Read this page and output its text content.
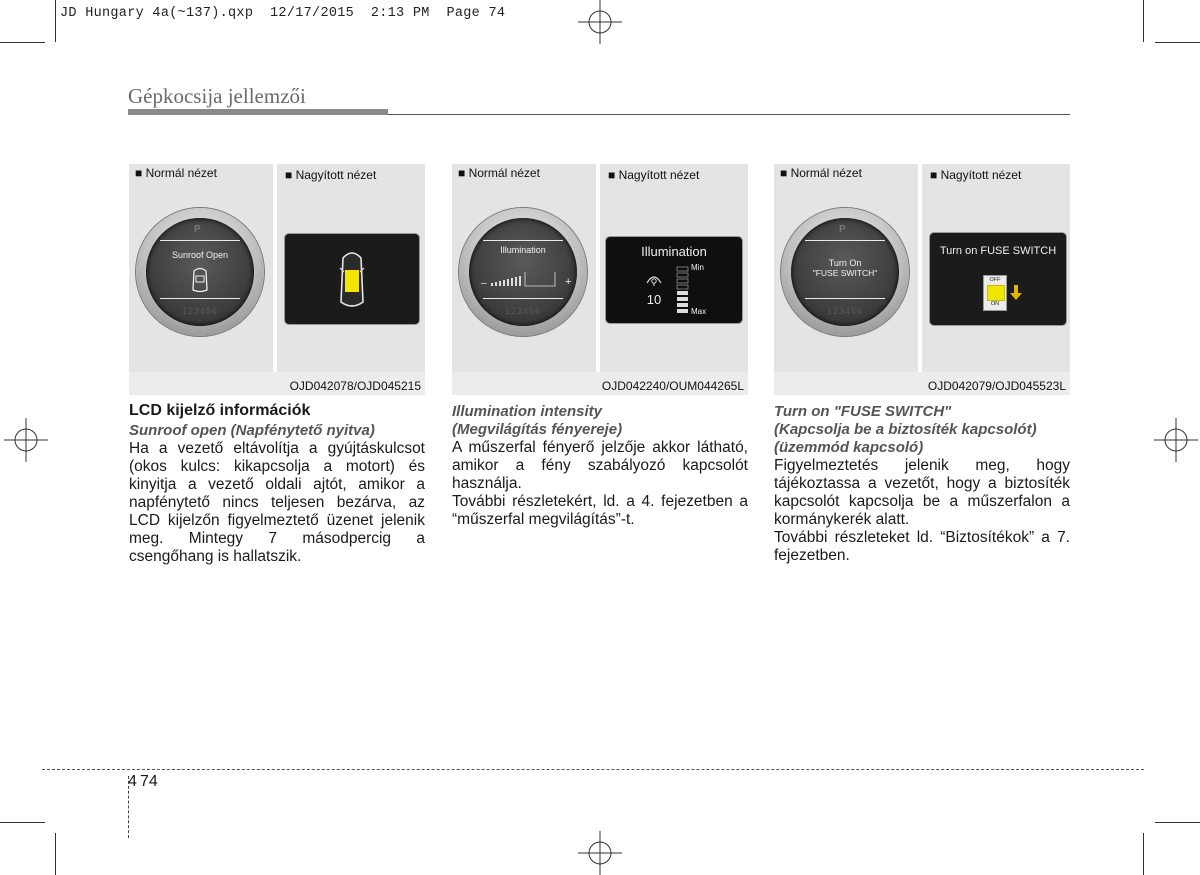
JD Hungary 4a(~137).qxp  12/17/2015  2:13 PM  Page 74
Gépkocsija jellemzői
■ Normál nézet
P
Sunroof Open
123456
■ Nagyított nézet
OJD042078/OJD045215
■ Normál nézet
Illumination
–	+
123456
■ Nagyított nézet
Illumination
10
Min
Max
OJD042240/OUM044265L
■ Normál nézet
P
Turn On
"FUSE SWITCH"
123456
■ Nagyított nézet
Turn on FUSE SWITCH
OFF
ON
OJD042079/OJD045523L

LCD kijelző információk

Sunroof open (Napfénytető nyitva)

Ha a vezető eltávolítja a gyújtáskulcsot (okos kulcs: kikapcsolja a motort) és kinyitja a vezető oldali ajtót, amikor a napfénytető nincs teljesen bezárva, az LCD kijelzőn figyelmeztető üzenet jelenik meg. Mintegy 7 másodpercig a csengőhang is hallatszik.

Illumination intensity

(Megvilágítás fényereje)

A műszerfal fényerő jelzője akkor látható, amikor a fény szabályozó kapcsolót használja.

További részletekért, ld. a 4. fejezetben a “műszerfal megvilágítás”-t.

Turn on "FUSE SWITCH"

(Kapcsolja be a biztosíték kapcsolót)

(üzemmód kapcsoló)

Figyelmeztetés jelenik meg, hogy tájékoztassa a vezetőt, hogy a biztosíték kapcsolót kapcsolja be a műszerfalon a kormánykerék alatt.

További részleteket ld. “Biztosítékok” a 7. fejezetben.

4 74
